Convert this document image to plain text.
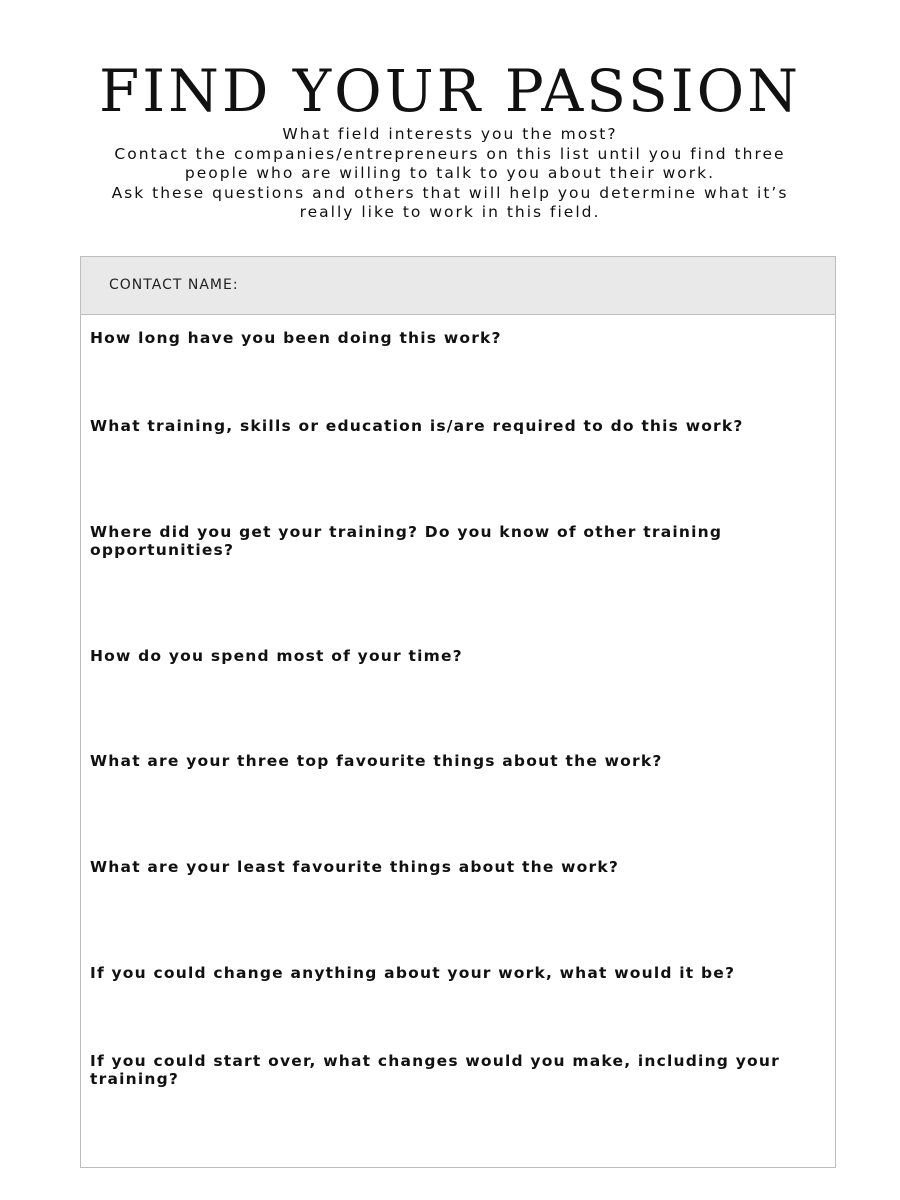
FIND YOUR PASSION
What field interests you the most?
Contact the companies/entrepreneurs on this list until you find three
people who are willing to talk to you about their work.
Ask these questions and others that will help you determine what it’s
really like to work in this field.
CONTACT NAME:
How long have you been doing this work?
What training, skills or education is/are required to do this work?
Where did you get your training? Do you know of other training opportunities?
How do you spend most of your time?
What are your three top favourite things about the work?
What are your least favourite things about the work?
If you could change anything about your work, what would it be?
If you could start over, what changes would you make, including your training?
